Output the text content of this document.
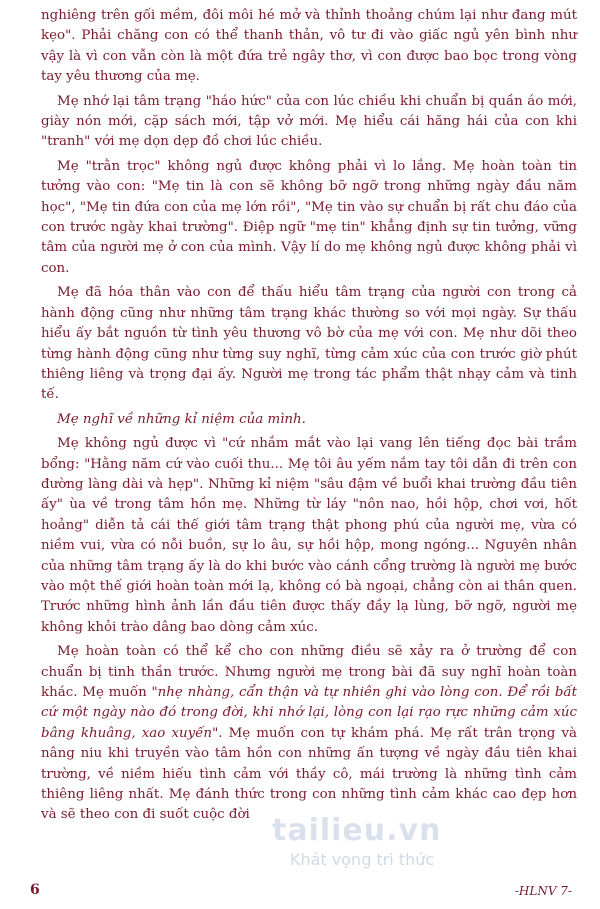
nghiêng trên gối mềm, đôi môi hé mở và thỉnh thoảng chúm lại như đang mút kẹo". Phải chăng con có thể thanh thản, vô tư đi vào giấc ngủ yên bình như vậy là vì con vẫn còn là một đứa trẻ ngây thơ, vì con được bao bọc trong vòng tay yêu thương của mẹ.

Mẹ nhớ lại tâm trạng "háo hức" của con lúc chiều khi chuẩn bị quần áo mới, giày nón mới, cặp sách mới, tập vở mới. Mẹ hiểu cái hăng hái của con khi "tranh" với mẹ dọn dẹp đồ chơi lúc chiều.

Mẹ "trằn trọc" không ngủ được không phải vì lo lắng. Mẹ hoàn toàn tin tưởng vào con: "Mẹ tin là con sẽ không bỡ ngỡ trong những ngày đầu năm học", "Mẹ tin đứa con của mẹ lớn rồi", "Mẹ tin vào sự chuẩn bị rất chu đáo của con trước ngày khai trường". Điệp ngữ "mẹ tin" khẳng định sự tin tưởng, vững tâm của người mẹ ở con của mình. Vậy lí do mẹ không ngủ được không phải vì con.

Mẹ đã hóa thân vào con để thấu hiểu tâm trạng của người con trong cả hành động cũng như những tâm trạng khác thường so với mọi ngày. Sự thấu hiểu ấy bắt nguồn từ tình yêu thương vô bờ của mẹ với con. Mẹ như dõi theo từng hành động cũng như từng suy nghĩ, từng cảm xúc của con trước giờ phút thiêng liêng và trọng đại ấy. Người mẹ trong tác phẩm thật nhạy cảm và tinh tế.

Mẹ nghĩ về những kỉ niệm của mình.

Mẹ không ngủ được vì "cứ nhắm mắt vào lại vang lên tiếng đọc bài trầm bổng: "Hằng năm cứ vào cuối thu... Mẹ tôi âu yếm nắm tay tôi dẫn đi trên con đường làng dài và hẹp". Những kỉ niệm "sâu đậm về buổi khai trường đầu tiên ấy" ùa về trong tâm hồn mẹ. Những từ láy "nôn nao, hồi hộp, chơi vơi, hốt hoảng" diễn tả cái thế giới tâm trạng thật phong phú của người mẹ, vừa có niềm vui, vừa có nỗi buồn, sự lo âu, sự hồi hộp, mong ngóng... Nguyên nhân của những tâm trạng ấy là do khi bước vào cánh cổng trường là người mẹ bước vào một thế giới hoàn toàn mới lạ, không có bà ngoại, chẳng còn ai thân quen. Trước những hình ảnh lần đầu tiên được thấy đầy lạ lùng, bỡ ngỡ, người mẹ không khỏi trào dâng bao dòng cảm xúc.

Mẹ hoàn toàn có thể kể cho con những điều sẽ xảy ra ở trường để con chuẩn bị tinh thần trước. Nhưng người mẹ trong bài đã suy nghĩ hoàn toàn khác. Mẹ muốn "nhẹ nhàng, cẩn thận và tự nhiên ghi vào lòng con. Để rồi bất cứ một ngày nào đó trong đời, khi nhớ lại, lòng con lại rạo rực những cảm xúc bâng khuâng, xao xuyến". Mẹ muốn con tự khám phá. Mẹ rất trân trọng và nâng niu khi truyền vào tâm hồn con những ấn tượng về ngày đầu tiên khai trường, về niềm hiếu tình cảm với thầy cô, mái trường là những tình cảm thiêng liêng nhất. Mẹ đánh thức trong con những tình cảm khác cao đẹp hơn và sẽ theo con đi suốt cuộc đời tailieu.vn
Khát vọng tri thức
6	-HLNV 7-
